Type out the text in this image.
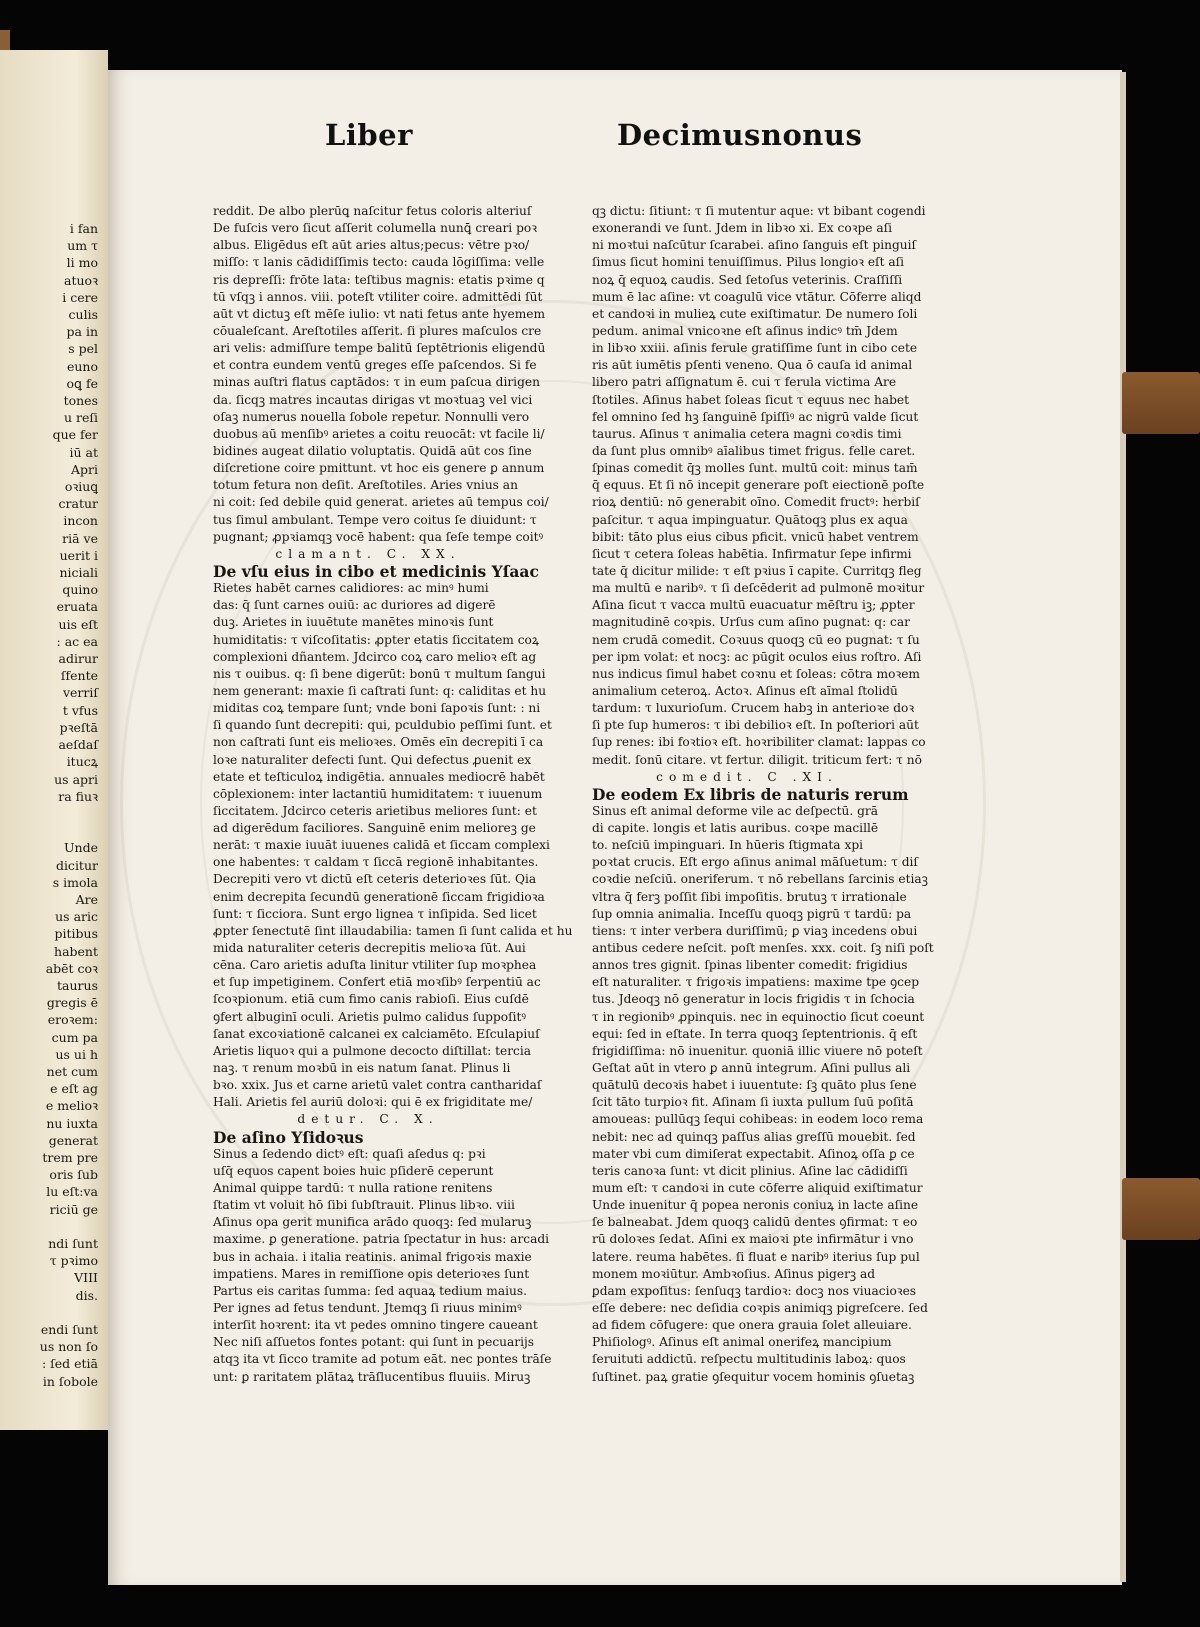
i fan
um τ
li mo
atuoꝛ
i cere
culis
pa in
s pel
euno
oꝗ fe
tones
u reſi
que fer
iū at
Apri
oꝛiuꝗ
cratur
incon
riā ve
uerit i
niciali
quino
eruata
uis eſt
: ac ea
adirur
ſfente
verriſ
t vfus
pꝛeſtā
aeſdaſ
itucꝝ
us apri
ra fiuꝛ

Unde
dicitur
s imola
Are
us aric
pitibus
habent
abēt coꝛ
taurus
gregis ē
eroꝛem:
cum pa
us ui h
net cum
e eſt ag
e melioꝛ
nu iuxta
generat
trem pre
oris ſub
lu eſt:va
riciū ge

ndi ſunt
τ pꝛimo
VIII
dis.

endi ſunt
us non ſo
: ſed etiā
in ſobole
Liber	Decimusnonus
reddit. De albo plerūꝗ naſcitur fetus coloris alteriuſ
De fuſcis vero ſicut aſſerit columella nunꝗ̄ creari poꝛ
albus. Eligēdus eſt aūt aries altus;pecus: vētre pꝛo/
miſſo: τ lanis cādidiſſimis tecto: cauda lōgiſſima: velle
ris depreſſi: frōte lata: teſtibus magnis: etatis pꝛime q
tū vſqꝫ i annos. viii. poteſt vtiliter coire. admittēdi ſūt
aūt vt dictuꝫ eſt mēſe iulio: vt nati fetus ante hyemem
cōualeſcant. Areſtotiles aſſerit. ſi plures maſculos cre
ari velis: admiſſure tempe balitū ſeptētrionis eligendū
et contra eundem ventū greges eſſe paſcendos. Si fe
minas auſtri flatus captādos: τ in eum paſcua dirigen
da. ſicqꝫ matres incautas dirigas vt moꝛtuaꝫ vel vici
oſaꝫ numerus nouella ſobole repetur. Nonnulli vero
duobus aū menſibꝰ arietes a coitu reuocāt: vt facile li/
bidines augeat dilatio voluptatis. Quidā aūt cos ſine
diſcretione coire pmittunt. vt hoc eis genere ꝑ annum
totum fetura non deſit. Areſtotiles. Aries vnius an
ni coit: ſed debile quid generat. arietes aū tempus coi/
tus ſimul ambulant. Tempe vero coitus ſe diuidunt: τ
pugnant; ꝓpꝛiamqꝫ vocē habent: qua ſeſe tempe coitꝰ
clamant. C. XX.
De vſu eius in cibo et medicinis Yſaac
Rietes habēt carnes calidiores: ac minꝰ humi
das: q̄ ſunt carnes ouiū: ac duriores ad digerē
duꝫ. Arietes in iuuētute manētes minoꝛis ſunt
humiditatis: τ viſcoſitatis: ꝓpter etatis ſiccitatem coꝝ
complexioni dñantem. Jdcirco coꝝ caro melioꝛ eſt ag
nis τ ouibus. q: ſi bene digerūt: bonū τ multum ſangui
nem generant: maxie ſi caſtrati ſunt: q: caliditas et hu
miditas coꝝ tempare ſunt; vnde boni ſapoꝛis ſunt: : ni
ſi quando ſunt decrepiti: qui, pculdubio peſſimi ſunt. et
non caſtrati ſunt eis melioꝛes. Omēs eīn decrepiti ī ca
loꝛe naturaliter defecti ſunt. Qui defectus ꝓuenit ex
etate et teſticuloꝝ indigētia. annuales mediocrē habēt
cōplexionem: inter lactantiū humiditatem: τ iuuenum
ſiccitatem. Jdcirco ceteris arietibus meliores ſunt: et
ad digerēdum faciliores. Sanguinē enim melioreꝫ ge
nerāt: τ maxie iuuāt iuuenes calidā et ſiccam complexi
one habentes: τ caldam τ ſiccā regionē inhabitantes.
Decrepiti vero vt dictū eſt ceteris deterioꝛes ſūt. Qia
enim decrepita ſecundū generationē ſiccam frigidioꝛa
ſunt: τ ſicciora. Sunt ergo lignea τ inſipida. Sed licet
ꝓpter ſenectutē ſint illaudabilia: tamen ſi ſunt calida et hu
mida naturaliter ceteris decrepitis melioꝛa ſūt. Aui
cēna. Caro arietis aduſta linitur vtiliter ſup moꝛphea
et ſup impetiginem. Confert etiā moꝛſibꝰ ſerpentiū ac
ſcoꝛpionum. etiā cum fimo canis rabioſi. Eius cuſdē
ꝯfert albuginī oculi. Arietis pulmo calidus ſuppoſitꝰ
ſanat excoꝛiationē calcanei ex calciamēto. Eſculapiuſ
Arietis liquoꝛ qui a pulmone decocto diſtillat: tercia
naꝫ. τ renum moꝛbū in eis natum ſanat. Plinus li
bꝛo. xxix. Jus et carne arietū valet contra cantharidaſ
Hali. Arietis fel auriū doloꝛi: qui ē ex frigiditate me/
detur. C. X.
De aſino Yſidoꝛus
Sinus a ſedendo dictꝰ eſt: quaſi aſedus q: pꝛi
uſq̄ equos capent boies huic pſiderē ceperunt
Animal quippe tardū: τ nulla ratione renitens
ſtatim vt voluit hō ſibi ſubſtrauit. Plinus libꝛo. viii
Aſinus opa gerit munifica arādo quoqꝫ: ſed mularuꝫ
maxime. ꝑ generatione. patria ſpectatur in hus: arcadi
bus in achaia. i italia reatinis. animal frigoꝛis maxie
impatiens. Mares in remiſſione opis deterioꝛes ſunt
Partus eis caritas ſumma: ſed aquaꝝ tedium maius.
Per ignes ad fetus tendunt. Jtemqꝫ ſi riuus minimꝰ
interſit hoꝛrent: ita vt pedes omnino tingere caueant
Nec niſi aſſuetos fontes potant: qui ſunt in pecuarijs
atqꝫ ita vt ſicco tramite ad potum eāt. nec pontes trāſe
unt: ꝑ raritatem plātaꝝ trāſlucentibus fluuiis. Miruꝫ
qꝫ dictu: ſitiunt: τ ſi mutentur aque: vt bibant cogendi
exonerandi ve ſunt. Jdem in libꝛo xi. Ex coꝛpe aſi
ni moꝛtui naſcūtur ſcarabei. aſino ſanguis eſt pinguiſ
ſimus ſicut homini tenuiſſimus. Pilus longioꝛ eſt aſi
noꝝ q̄ equoꝝ caudis. Sed ſetoſus veterinis. Craſſiſſi
mum ē lac aſine: vt coagulū vice vtātur. Cōferre aliqd
et candoꝛi in mulieꝝ cute exiſtimatur. De numero ſoli
pedum. animal vnicoꝛne eſt aſinus indicꝰ tm̄ Jdem
in libꝛo xxiii. aſinis ferule gratiſſime ſunt in cibo cete
ris aūt iumētis pſenti veneno. Qua ō cauſa id animal
libero patri aſſignatum ē. cui τ ferula victima Are
ſtotiles. Aſinus habet ſoleas ſicut τ equus nec habet
fel omnino ſed hꝫ ſanguinē ſpiſſiꝰ ac nigrū valde ſicut
taurus. Aſinus τ animalia cetera magni coꝛdis timi
da ſunt plus omnibꝰ aīalibus timet frigus. felle caret.
ſpinas comedit q̄ꝫ molles ſunt. multū coit: minus tam̄
q̄ equus. Et ſi nō incepit generare poſt eiectionē poſte
rioꝝ dentiū: nō generabit oīno. Comedit fructꝰ: herbiſ
paſcitur. τ aqua impinguatur. Quātoqꝫ plus ex aqua
bibit: tāto plus eius cibus pficit. vnicū habet ventrem
ſicut τ cetera ſoleas habētia. Infirmatur ſepe infirmi
tate q̄ dicitur milide: τ eſt pꝛius ī capite. Curritqꝫ fleg
ma multū e naribꝰ. τ ſi deſcēderit ad pulmonē moꝛitur
Aſina ſicut τ vacca multū euacuatur mēſtru iꝫ; ꝓpter
magnitudinē coꝛpis. Urſus cum aſino pugnat: q: car
nem crudā comedit. Coꝛuus quoqꝫ cū eo pugnat: τ ſu
per ipm volat: et nocꝫ: ac pūgit oculos eius roſtro. Aſi
nus indicus ſimul habet coꝛnu et ſoleas: cōtra moꝛem
animalium ceteroꝝ. Actoꝛ. Aſinus eſt aīmal ſtolidū
tardum: τ luxurioſum. Crucem habꝫ in anterioꝛe doꝛ
ſi pte ſup humeros: τ ibi debilioꝛ eſt. In poſteriori aūt
ſup renes: ibi foꝛtioꝛ eſt. hoꝛribiliter clamat: lappas co
medit. ſonū citare. vt fertur. diligit. triticum fert: τ nō
comedit. C .XI.
De eodem Ex libris de naturis rerum
Sinus eſt animal deforme vile ac deſpectū. grā
di capite. longis et latis auribus. coꝛpe macillē
to. neſciū impinguari. In hūeris ſtigmata xpi
poꝛtat crucis. Eſt ergo aſinus animal māſuetum: τ diſ
coꝛdie neſciū. oneriferum. τ nō rebellans ſarcinis etiaꝫ
vltra q̄ ferꝫ poſſit ſibi impoſitis. brutuꝫ τ irrationale
ſup omnia animalia. Inceſſu quoqꝫ pigrū τ tardū: pa
tiens: τ inter verbera duriſſimū; ꝑ viaꝫ incedens obui
antibus cedere neſcit. poſt menſes. xxx. coit. ſꝫ niſi poſt
annos tres gignit. ſpinas libenter comedit: frigidius
eſt naturaliter. τ frigoꝛis impatiens: maxime tpe ꝯcep
tus. Jdeoqꝫ nō generatur in locis frigidis τ in ſchocia
τ in regionibꝰ ꝓpinquis. nec in equinoctio ſicut coeunt
equi: ſed in eſtate. In terra quoqꝫ ſeptentrionis. q̄ eſt
frigidiſſima: nō inuenitur. quoniā illic viuere nō poteſt
Geſtat aūt in vtero ꝑ annū integrum. Aſini pullus ali
quātulū decoꝛis habet i iuuentute: ſꝫ quāto plus ſene
ſcit tāto turpioꝛ fit. Aſinam ſi iuxta pullum ſuū poſitā
amoueas: pullūqꝫ ſequi cohibeas: in eodem loco rema
nebit: nec ad quinqꝫ paſſus alias greſſū mouebit. ſed
mater vbi cum dimiſerat expectabit. Aſinoꝝ oſſa ꝑ ce
teris canoꝛa ſunt: vt dicit plinius. Aſine lac cādidiſſi
mum eſt: τ candoꝛi in cute cōferre aliquid exiſtimatur
Unde inuenitur q̄ popea neronis coniuꝝ in lacte aſine
ſe balneabat. Jdem quoqꝫ calidū dentes ꝯfirmat: τ eo
rū doloꝛes ſedat. Aſini ex maioꝛi pte infirmātur i vno
latere. reuma habētes. ſi fluat e naribꝰ iterius ſup pul
monem moꝛiūtur. Ambꝛoſius. Aſinus pigerꝫ ad
ꝑdam expoſitus: ſenſuqꝫ tardioꝛ: docꝫ nos viuacioꝛes
eſſe debere: nec deſidia coꝛpis animiqꝫ pigreſcere. ſed
ad fidem cōfugere: que onera grauia ſolet alleuiare.
Phiſiologꝰ. Aſinus eſt animal onerifeꝝ mancipium
ſeruituti addictū. reſpectu multitudinis laboꝝ: quos
ſuſtinet. paꝝ gratie ꝯſequitur vocem hominis ꝯſuetaꝫ
